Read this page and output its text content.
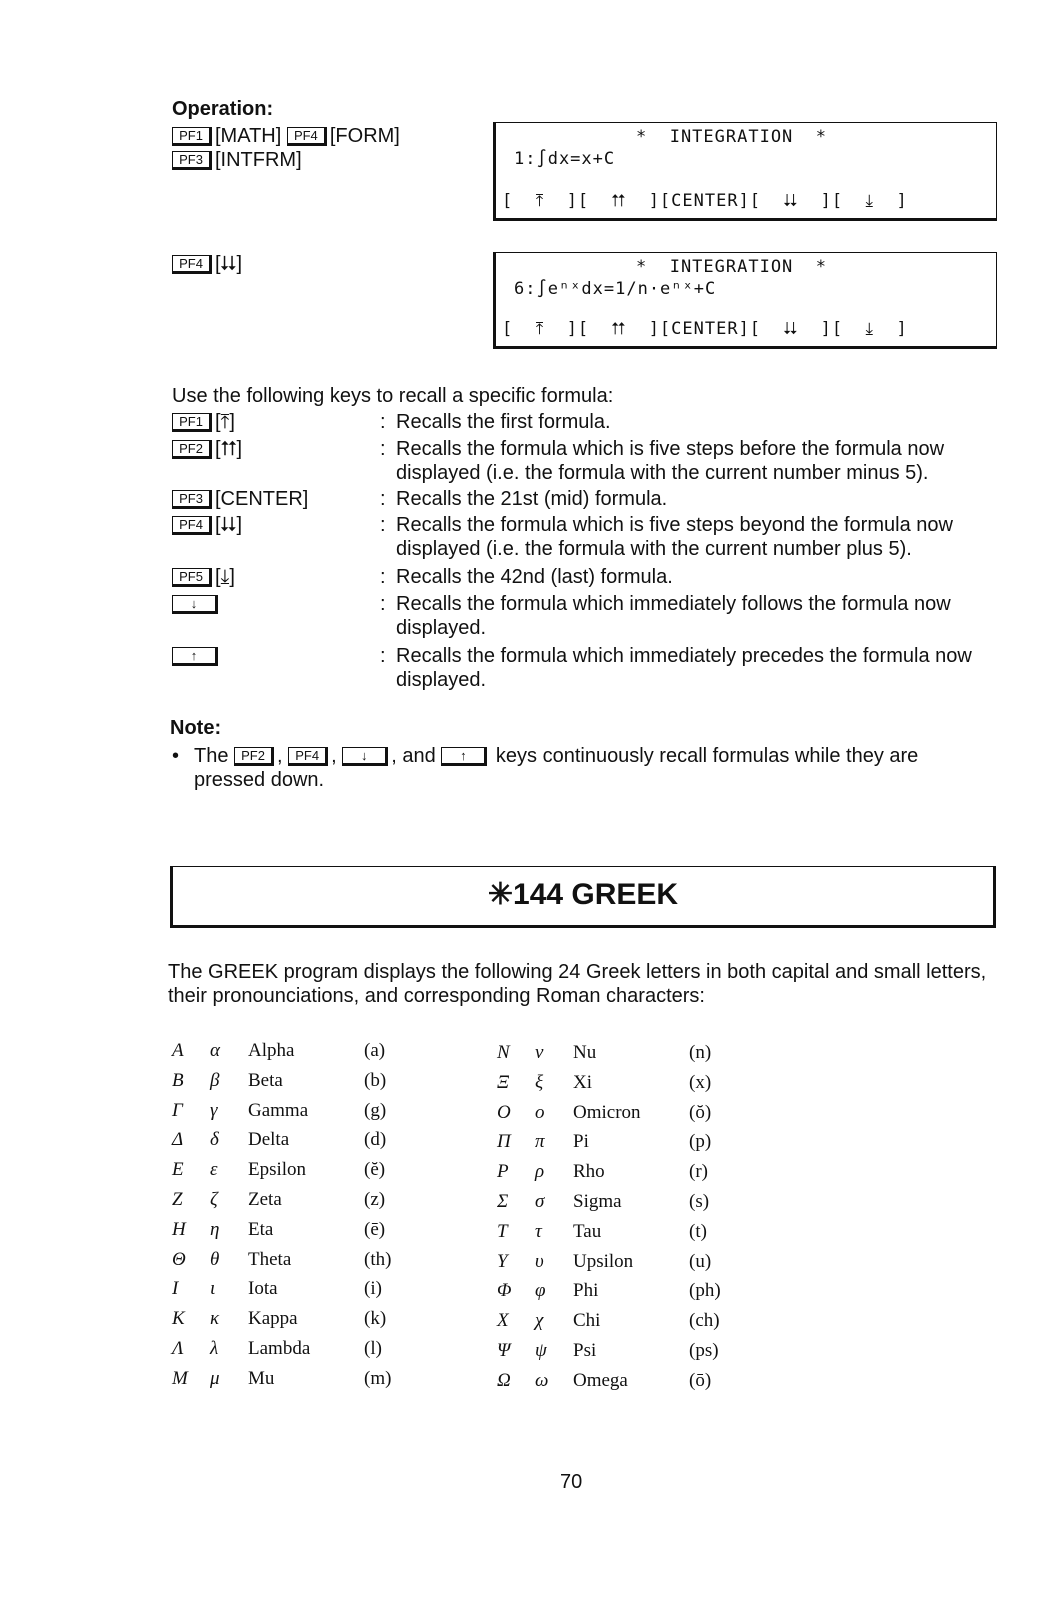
Operation:
PF1 [MATH] PF4 [FORM]
PF3 [INTFRM]
PF4 [⮇]
*  INTEGRATION  *
1:∫dx=x+C
[  ⤒  ][  ⮅  ][CENTER][  ⮇  ][  ⤓  ]
*  INTEGRATION  *
6:∫eⁿˣdx=1/n·eⁿˣ+C
[  ⤒  ][  ⮅  ][CENTER][  ⮇  ][  ⤓  ]
Use the following keys to recall a specific formula:
PF1 [⤒]	: Recalls the first formula.
PF2 [⮅]	: Recalls the formula which is five steps before the formula now displayed (i.e. the formula with the current number minus 5).
PF3 [CENTER]	: Recalls the 21st (mid) formula.
PF4 [⮇]	: Recalls the formula which is five steps beyond the formula now displayed (i.e. the formula with the current number plus 5).
PF5 [⤓]	: Recalls the 42nd (last) formula.
↓	: Recalls the formula which immediately follows the formula now displayed.
↑	: Recalls the formula which immediately precedes the formula now displayed.
Note:
• The PF2 , PF4 , ↓ , and ↑ keys continuously recall formulas while they are pressed down.
✳144 GREEK
The GREEK program displays the following 24 Greek letters in both capital and small letters, their pronounciations, and corresponding Roman characters:
A α Alpha	(a)
B β Beta	(b)
Γ γ Gamma	(g)
Δ δ Delta	(d)
E ε Epsilon	(ĕ)
Z ζ Zeta	(z)
H η Eta	(ē)
Θ θ Theta	(th)
I ι Iota	(i)
K κ Kappa	(k)
Λ λ Lambda	(l)
M μ Mu	(m)
N ν Nu	(n)
Ξ ξ Xi	(x)
O ο Omicron	(ŏ)
Π π Pi	(p)
P ρ Rho	(r)
Σ σ Sigma	(s)
T τ Tau	(t)
Υ υ Upsilon	(u)
Φ φ Phi	(ph)
X χ Chi	(ch)
Ψ ψ Psi	(ps)
Ω ω Omega	(ō)
70
